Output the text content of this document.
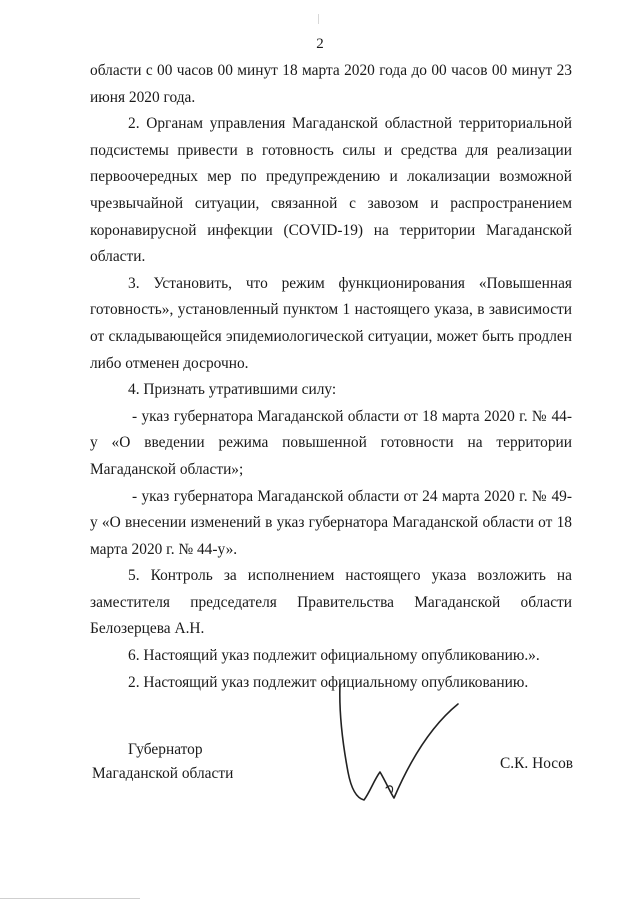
2

области с 00 часов 00 минут 18 марта 2020 года до 00 часов 00 минут 23 июня 2020 года.

2. Органам управления Магаданской областной территориальной подсистемы привести в готовность силы и средства для реализации первоочередных мер по предупреждению и локализации возможной чрезвычайной ситуации, связанной с завозом и распространением коронавирусной инфекции (COVID-19) на территории Магаданской области.

3. Установить, что режим функционирования «Повышенная готовность», установленный пунктом 1 настоящего указа, в зависимости от складывающейся эпидемиологической ситуации, может быть продлен либо отменен досрочно.

4. Признать утратившими силу:

- указ губернатора Магаданской области от 18 марта 2020 г. № 44-у «О введении режима повышенной готовности на территории Магаданской области»;

- указ губернатора Магаданской области от 24 марта 2020 г. № 49-у «О внесении изменений в указ губернатора Магаданской области от 18 марта 2020 г. № 44-у».

5. Контроль за исполнением настоящего указа возложить на заместителя председателя Правительства Магаданской области Белозерцева А.Н.

6. Настоящий указ подлежит официальному опубликованию.».

2. Настоящий указ подлежит официальному опубликованию.

Губернатор
Магаданской области
С.К. Носов
